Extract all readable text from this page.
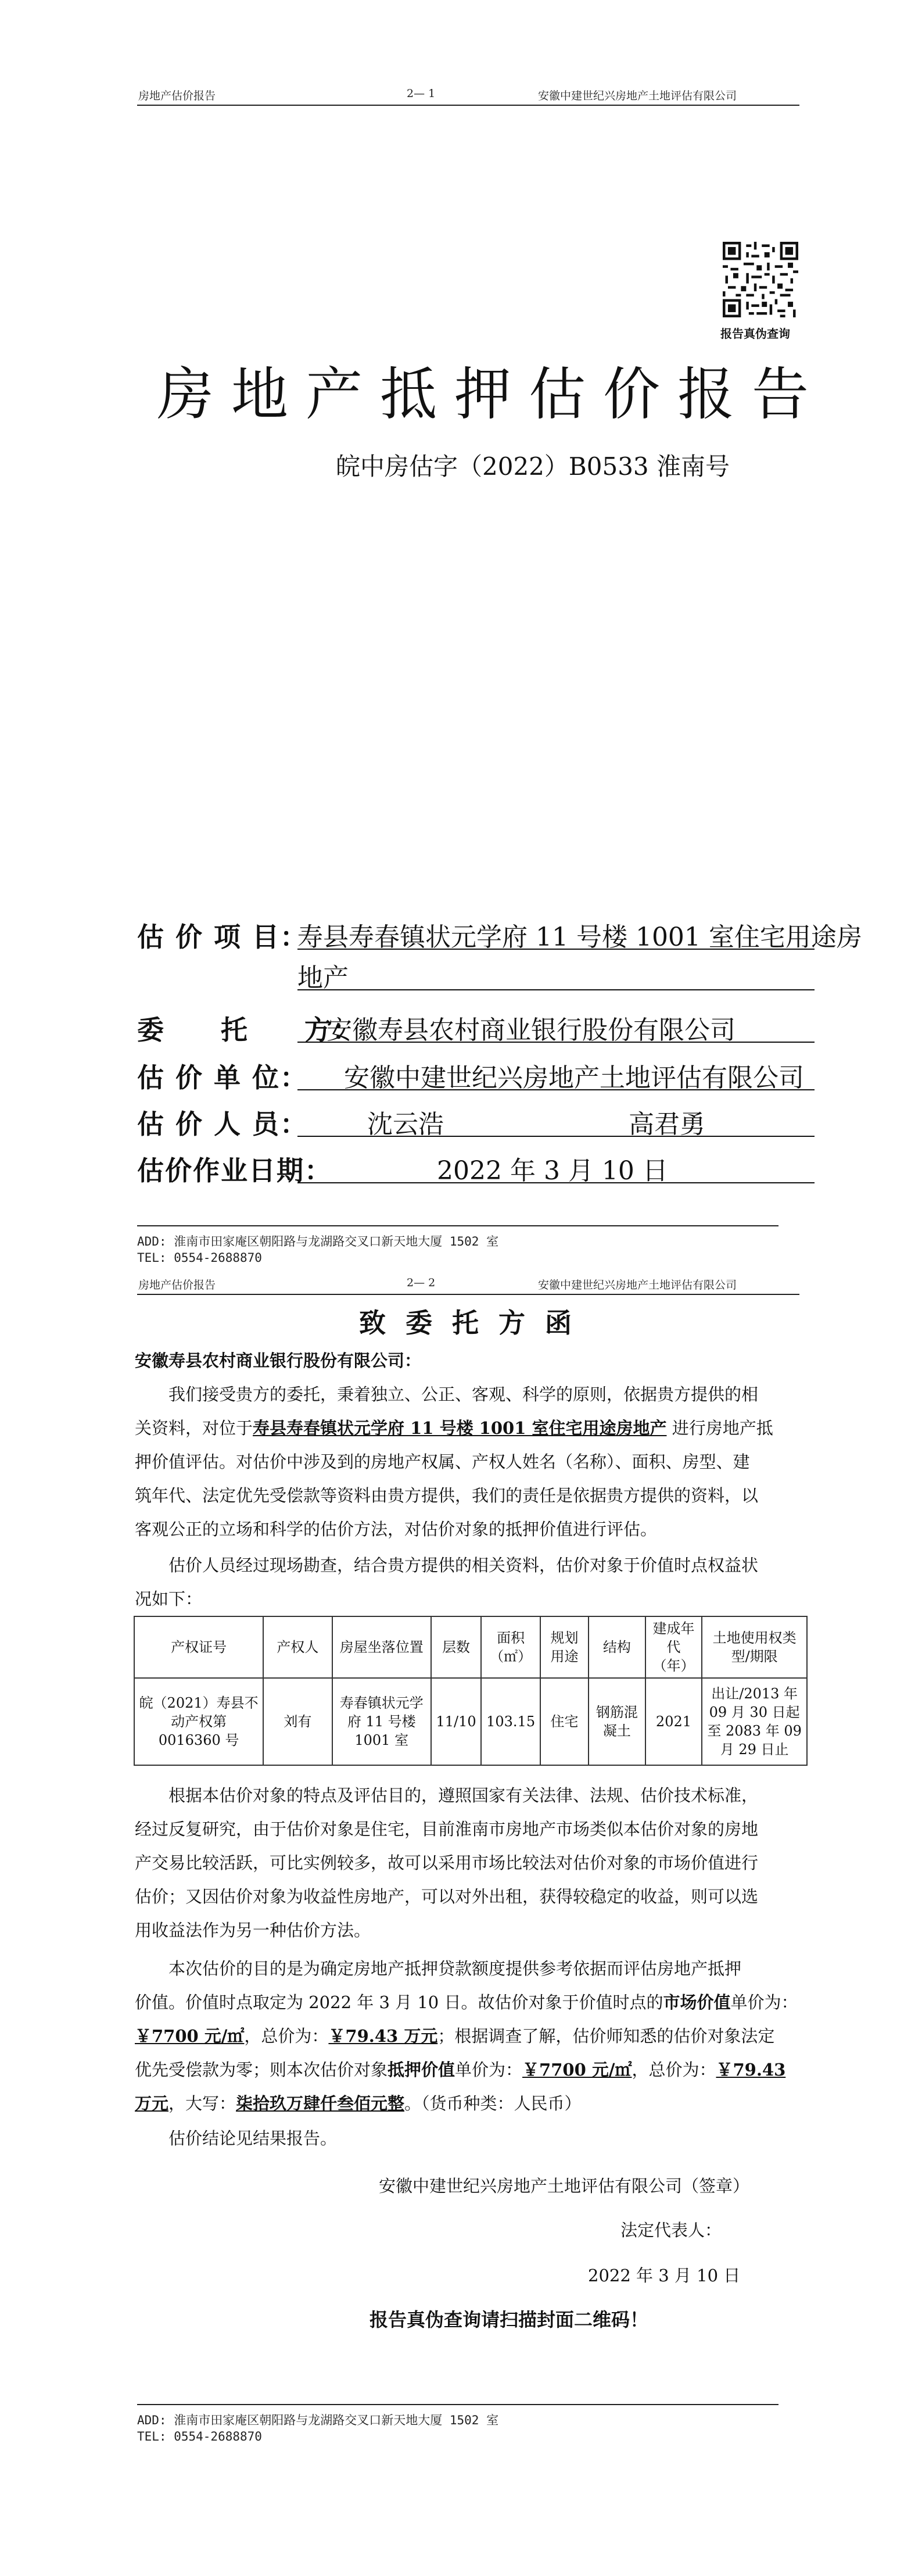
房地产估价报告	2— 1	安徽中建世纪兴房地产土地评估有限公司
报告真伪查询
房地产抵押估价报告
皖中房估字（2022）B0533 淮南号
估 价 项 目：
寿县寿春镇状元学府 11 号楼 1001 室住宅用途房
地产
委　　托　　方：
安徽寿县农村商业银行股份有限公司
估 价 单 位： 安徽中建世纪兴房地产土地评估有限公司
估 价 人 员： 沈云浩	高君勇
估价作业日期：	2022 年 3 月 10 日
ADD: 淮南市田家庵区朝阳路与龙湖路交叉口新天地大厦 1502 室
TEL: 0554-2688870
房地产估价报告	2— 2	安徽中建世纪兴房地产土地评估有限公司
致委托方函
安徽寿县农村商业银行股份有限公司：
我们接受贵方的委托，秉着独立、公正、客观、科学的原则，依据贵方提供的相
关资料，对位于寿县寿春镇状元学府 11 号楼 1001 室住宅用途房地产 进行房地产抵
押价值评估。对估价中涉及到的房地产权属、产权人姓名（名称）、面积、房型、建
筑年代、法定优先受偿款等资料由贵方提供，我们的责任是依据贵方提供的资料，以
客观公正的立场和科学的估价方法，对估价对象的抵押价值进行评估。
估价人员经过现场勘查，结合贵方提供的相关资料，估价对象于价值时点权益状
况如下：
产权证号	产权人	房屋坐落位置	层数	面积（㎡）	规划用途	结构	建成年代（年）	土地使用权类型/期限
皖（2021）寿县不动产权第 0016360 号	刘有	寿春镇状元学府 11 号楼 1001 室	11/10	103.15	住宅	钢筋混凝土	2021	出让/2013 年 09 月 30 日起至 2083 年 09 月 29 日止
根据本估价对象的特点及评估目的，遵照国家有关法律、法规、估价技术标准，
经过反复研究，由于估价对象是住宅，目前淮南市房地产市场类似本估价对象的房地
产交易比较活跃，可比实例较多，故可以采用市场比较法对估价对象的市场价值进行
估价；又因估价对象为收益性房地产，可以对外出租，获得较稳定的收益，则可以选
用收益法作为另一种估价方法。
本次估价的目的是为确定房地产抵押贷款额度提供参考依据而评估房地产抵押
价值。价值时点取定为 2022 年 3 月 10 日。故估价对象于价值时点的市场价值单价为：
￥7700 元/㎡，总价为：￥79.43 万元；根据调查了解，估价师知悉的估价对象法定
优先受偿款为零；则本次估价对象抵押价值单价为：￥7700 元/㎡，总价为：￥79.43
万元，大写：柒拾玖万肆仟叁佰元整。（货币种类：人民币）
估价结论见结果报告。
安徽中建世纪兴房地产土地评估有限公司（签章）
法定代表人：
2022 年 3 月 10 日
报告真伪查询请扫描封面二维码！
ADD: 淮南市田家庵区朝阳路与龙湖路交叉口新天地大厦 1502 室
TEL: 0554-2688870
